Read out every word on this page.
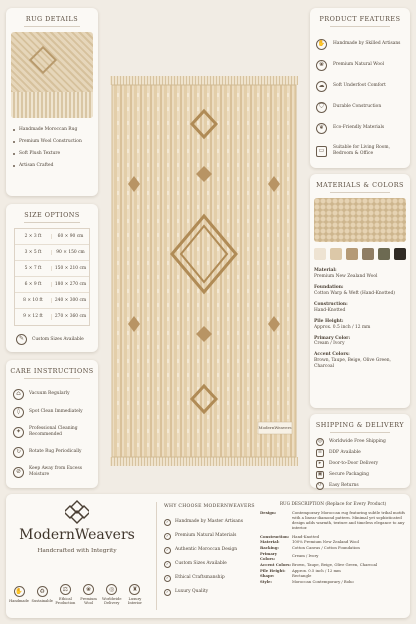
RUG DETAILS
Handmade Moroccan Rug
Premium Wool Construction
Soft Plush Texture
Artisan Crafted
SIZE OPTIONS
2 × 3 ft	60 × 90 cm
3 × 5 ft	90 × 150 cm
5 × 7 ft	150 × 210 cm
6 × 9 ft	180 × 270 cm
8 × 10 ft	240 × 300 cm
9 × 12 ft	270 × 360 cm
✎	Custom Sizes Available
CARE INSTRUCTIONS
⌂	Vacuum Regularly
◊	Spot Clean Immediately
✦	Professional Cleaning Recommended
↻	Rotate Rug Periodically
⊘	Keep Away from Excess Moisture
ModernWeavers
PRODUCT FEATURES
✋	Handmade by Skilled Artisans
❀	Premium Natural Wool
☁	Soft Underfoot Comfort
⛉	Durable Construction
❦	Eco-Friendly Materials
▭	Suitable for Living Room, Bedroom & Office
MATERIALS & COLORS
Material:
Premium New Zealand Wool
Foundation:
Cotton Warp & Weft (Hand-Knotted)
Construction:
Hand-Knotted
Pile Height:
Approx. 0.5 inch / 12 mm
Primary Color:
Cream / Ivory
Accent Colors:
Brown, Taupe, Beige, Olive Green, Charcoal
SHIPPING & DELIVERY
◎	Worldwide Free Shipping
≡	DDP Available
▸	Door-to-Door Delivery
▣	Secure Packaging
↺	Easy Returns
ModernWeavers
Handcrafted with Integrity
✋
Handmade
♻
Sustainable
⚖
Ethical Production
❀
Premium Wool
◎
Worldwide Delivery
♜
Luxury Interior
WHY CHOOSE MODERNWEAVERS
✓	Handmade by Master Artisans
✓	Premium Natural Materials
✓	Authentic Moroccan Design
✓	Custom Sizes Available
✓	Ethical Craftsmanship
✓	Luxury Quality
RUG DESCRIPTION (Replace for Every Product)
Design:	Contemporary Moroccan rug featuring subtle tribal motifs with a linear diamond pattern. Minimal yet sophisticated design adds warmth, texture and timeless elegance to any interior.
Construction: Hand-Knotted
Material:	100% Premium New Zealand Wool
Backing:	Cotton Canvas / Cotton Foundation
Primary Colors:
Cream / Ivory
Accent Colors: Brown, Taupe, Beige, Olive Green, Charcoal
Pile Height:	Approx. 0.5 inch / 12 mm
Shape:	Rectangle
Style:	Moroccan Contemporary / Boho
